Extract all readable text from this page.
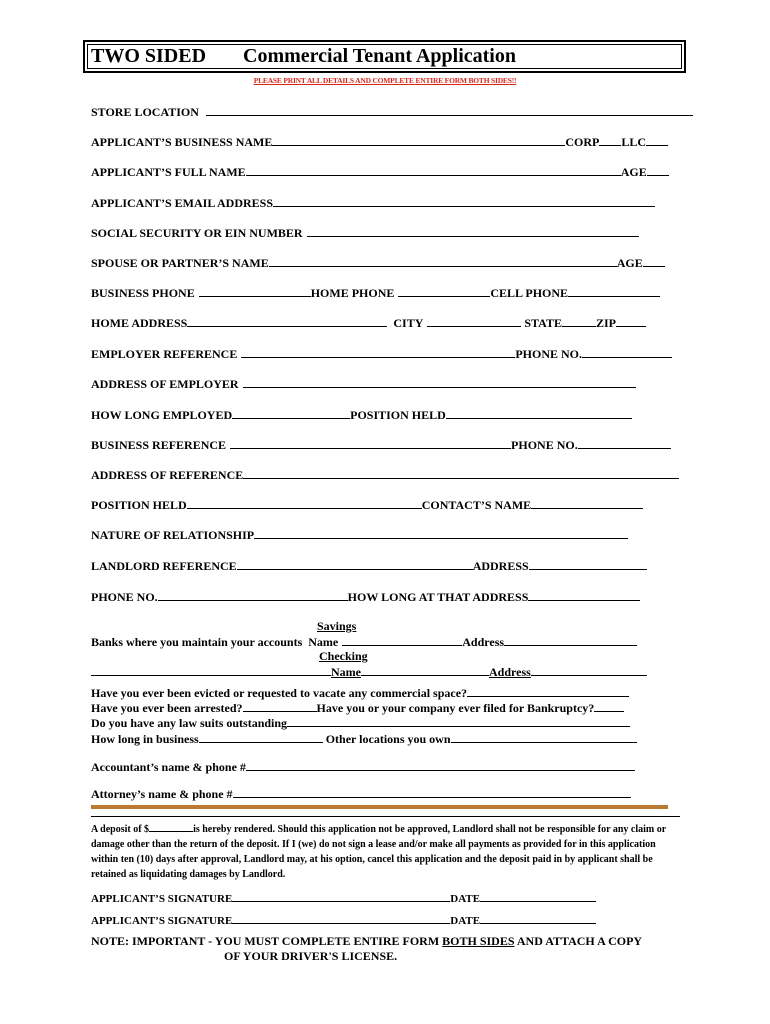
TWO SIDED Commercial Tenant Application
PLEASE PRINT ALL DETAILS AND COMPLETE ENTIRE FORM BOTH SIDES!!
STORE LOCATION
APPLICANT’S BUSINESS NAME	CORP LLC
APPLICANT’S FULL NAME	AGE
APPLICANT’S EMAIL ADDRESS
SOCIAL SECURITY OR EIN NUMBER
SPOUSE OR PARTNER’S NAME	AGE
BUSINESS PHONE	HOME PHONE	CELL PHONE
HOME ADDRESS	CITY	STATE	ZIP
EMPLOYER REFERENCE	PHONE NO.
ADDRESS OF EMPLOYER
HOW LONG EMPLOYED	POSITION HELD
BUSINESS REFERENCE	PHONE NO.
ADDRESS OF REFERENCE
POSITION HELD	CONTACT’S NAME
NATURE OF RELATIONSHIP
LANDLORD REFERENCE	ADDRESS
PHONE NO.	HOW LONG AT THAT ADDRESS
Savings
Banks where you maintain your accounts Name	Address
Checking
Name	Address
Have you ever been evicted or requested to vacate any commercial space?
Have you ever been arrested?	Have you or your company ever filed for Bankruptcy?
Do you have any law suits outstanding
How long in business	Other locations you own
Accountant’s name & phone #
Attorney’s name & phone #
A deposit of $	is hereby rendered. Should this application not be approved, Landlord shall not be responsible for any claim or damage other than the return of the deposit. If I (we) do not sign a lease and/or make all payments as provided for in this application within ten (10) days after approval, Landlord may, at his option, cancel this application and the deposit paid in by applicant shall be retained as liquidating damages by Landlord.
APPLICANT’S SIGNATURE	DATE
APPLICANT’S SIGNATURE	DATE
NOTE: IMPORTANT - YOU MUST COMPLETE ENTIRE FORM BOTH SIDES AND ATTACH A COPY
OF YOUR DRIVER'S LICENSE.
